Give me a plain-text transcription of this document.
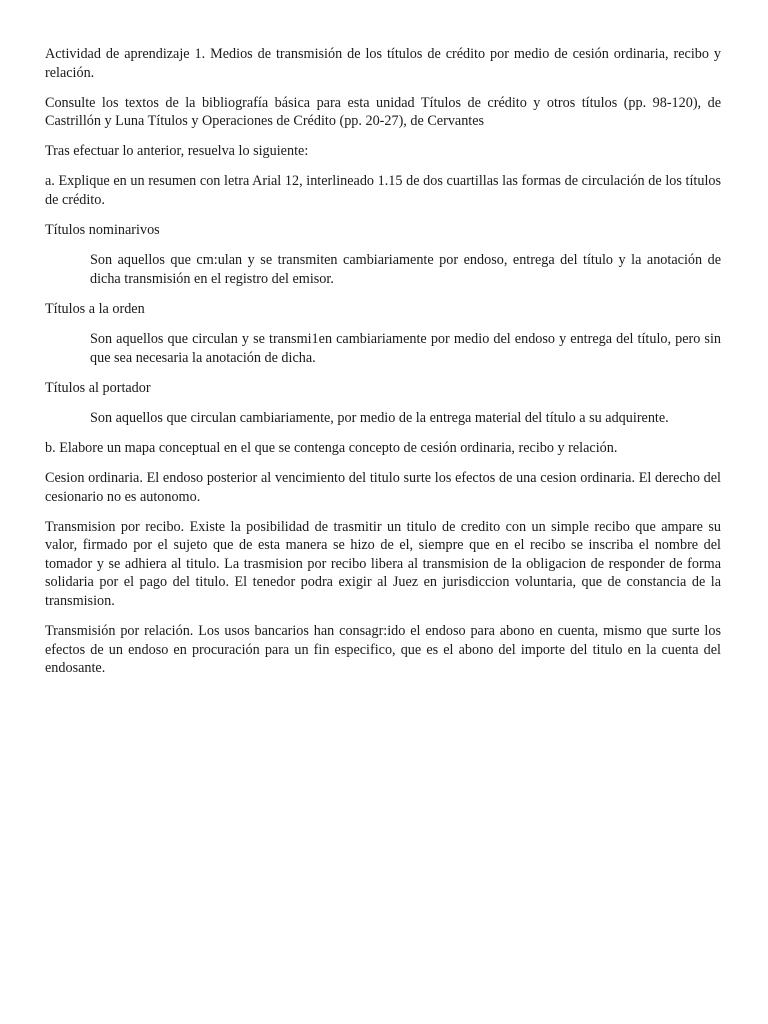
Actividad de aprendizaje 1. Medios de transmisión de los títulos de crédito por medio de cesión ordinaria, recibo y relación.

Consulte los textos de la bibliografía básica para esta unidad Títulos de crédito y otros títulos (pp. 98-120), de Castrillón y Luna Títulos y Operaciones de Crédito (pp. 20-27), de Cervantes

Tras efectuar lo anterior, resuelva lo siguiente:

a. Explique en un resumen con letra Arial 12, interlineado 1.15 de dos cuartillas las formas de circulación de los títulos de crédito.

Títulos nominarivos

Son aquellos que cm:ulan y se transmiten cambiariamente por endoso, entrega del título y la anotación de dicha transmisión en el registro del emisor.

Títulos a la orden

Son aquellos que circulan y se transmi1en cambiariamente por medio del endoso y entrega del título, pero sin que sea necesaria la anotación de dicha.

Títulos al portador

Son aquellos que circulan cambiariamente, por medio de la entrega material del título a su adquirente.

b. Elabore un mapa conceptual en el que se contenga concepto de cesión ordinaria, recibo y relación.

Cesion ordinaria. El endoso posterior al vencimiento del titulo surte los efectos de una cesion ordinaria. El derecho del cesionario no es autonomo.

Transmision por recibo. Existe la posibilidad de trasmitir un titulo de credito con un simple recibo que ampare su valor, firmado por el sujeto que de esta manera se hizo de el, siempre que en el recibo se inscriba el nombre del tomador y se adhiera al titulo. La trasmision por recibo libera al transmision de la obligacion de responder de forma solidaria por el pago del titulo. El tenedor podra exigir al Juez en jurisdiccion voluntaria, que de constancia de la transmision.

Transmisión por relación. Los usos bancarios han consagr:ido el endoso para abono en cuenta, mismo que surte los efectos de un endoso en procuración para un fin especifico, que es el abono del importe del titulo en la cuenta del endosante.
